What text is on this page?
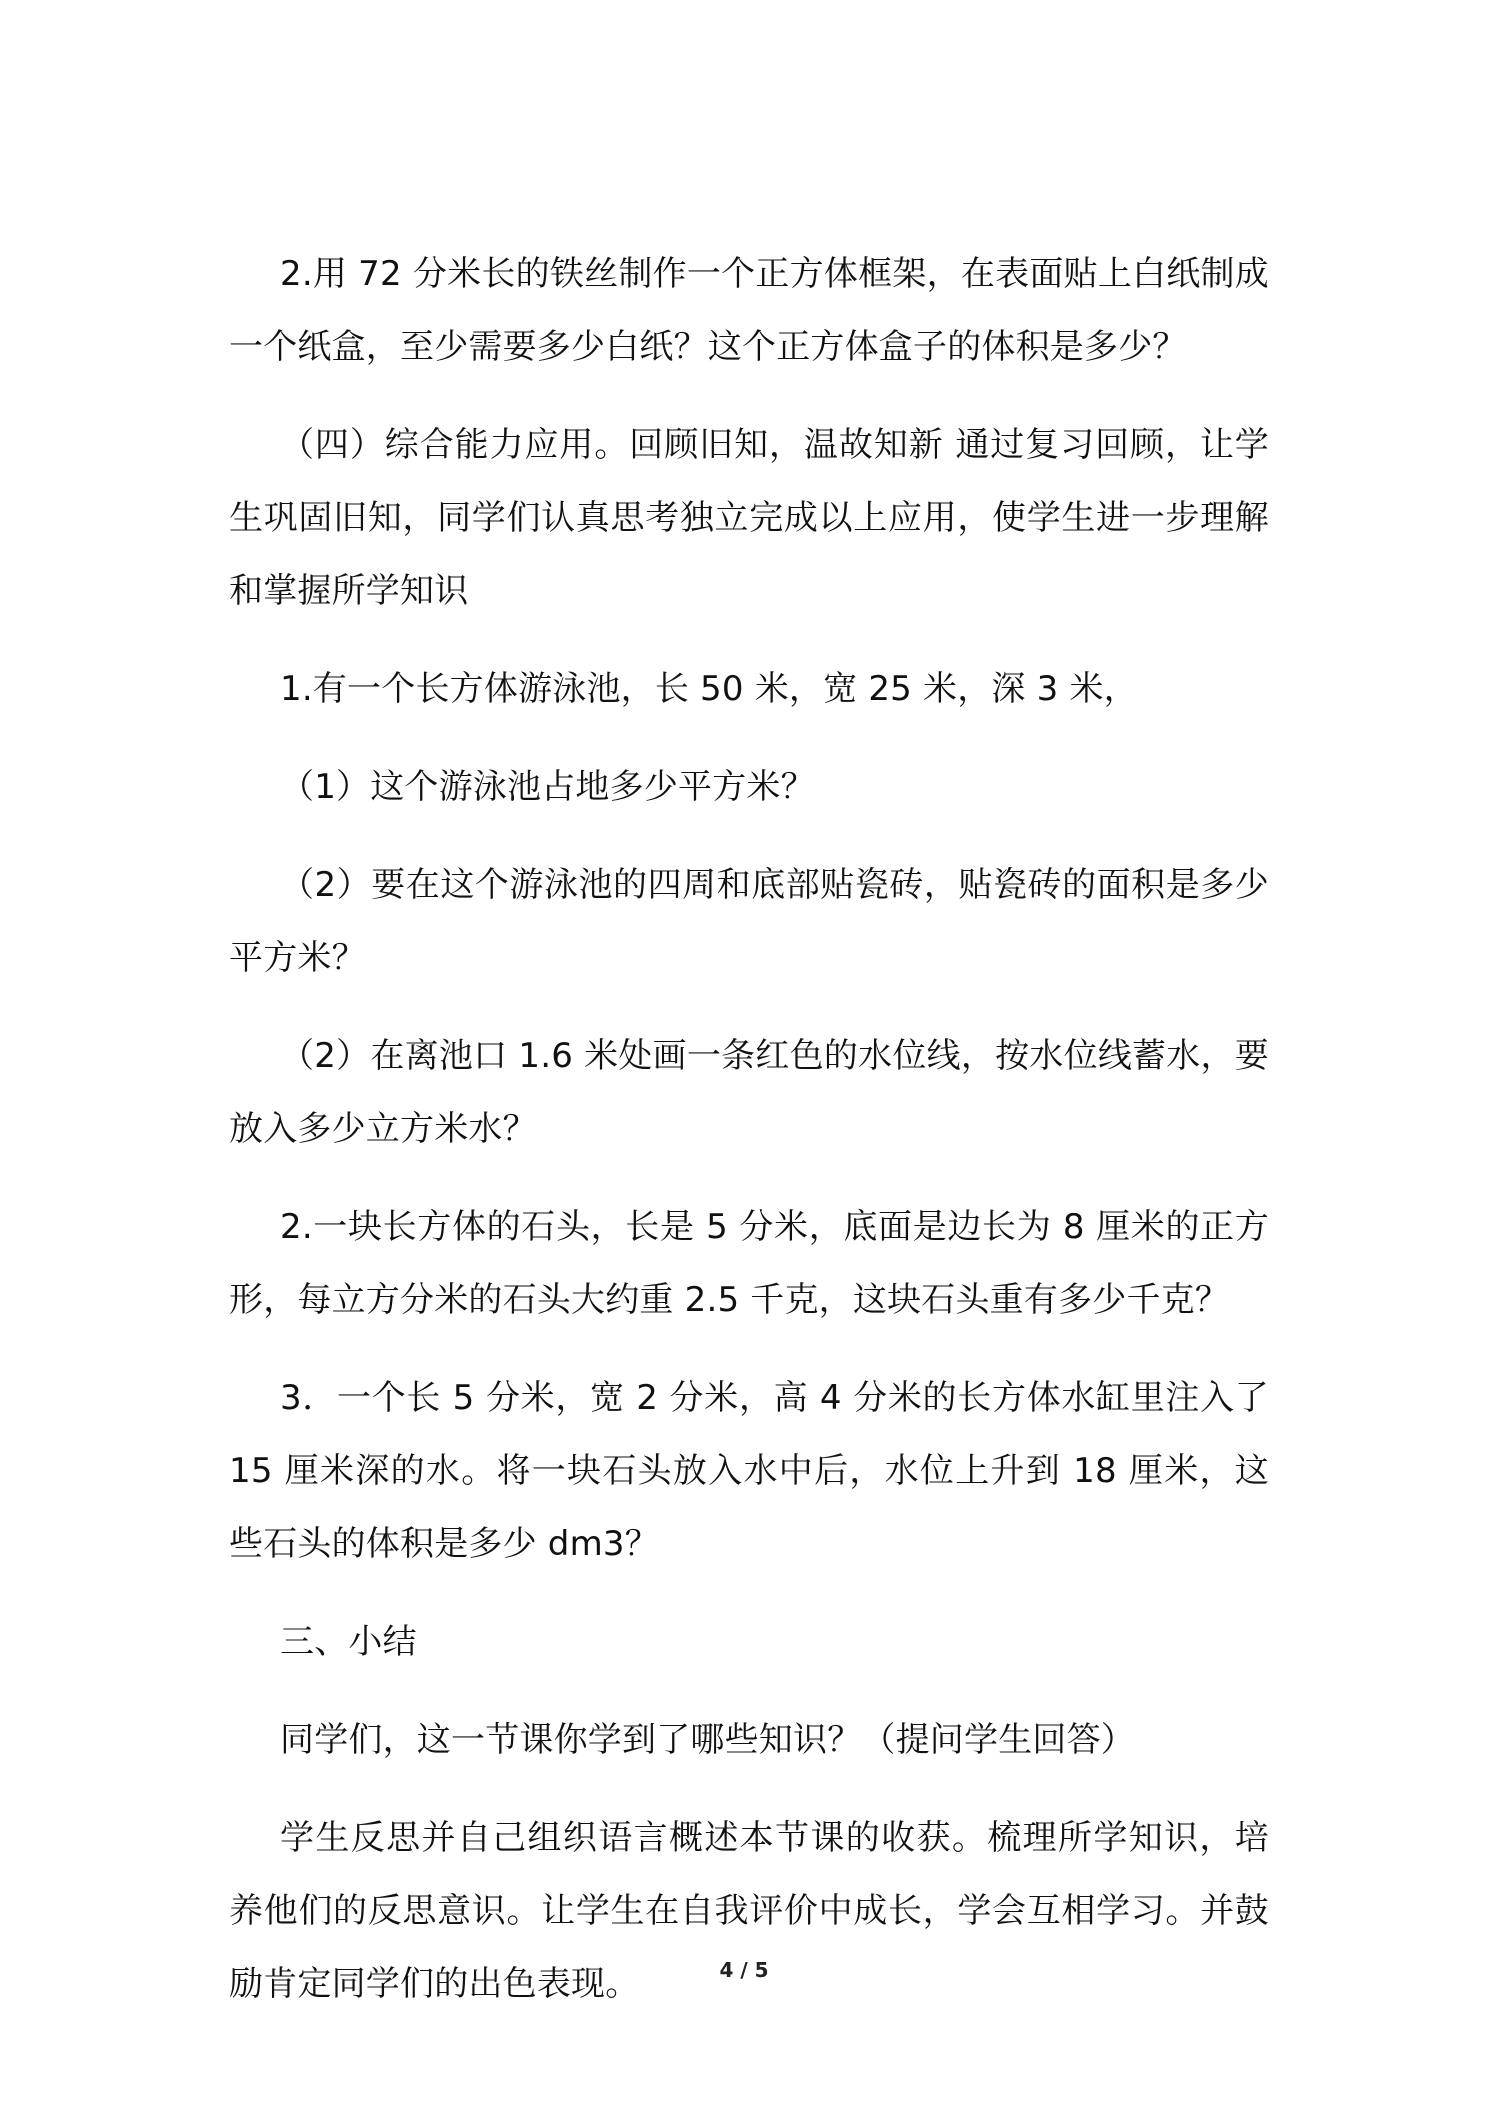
2.用 72 分米长的铁丝制作一个正方体框架，在表面贴上白纸制成一个纸盒，至少需要多少白纸？这个正方体盒子的体积是多少？

（四）综合能力应用。回顾旧知，温故知新 通过复习回顾，让学生巩固旧知，同学们认真思考独立完成以上应用，使学生进一步理解和掌握所学知识

1.有一个长方体游泳池，长 50 米，宽 25 米，深 3 米，

（1）这个游泳池占地多少平方米？

（2）要在这个游泳池的四周和底部贴瓷砖，贴瓷砖的面积是多少平方米？

（2）在离池口 1.6 米处画一条红色的水位线，按水位线蓄水，要放入多少立方米水？

2.一块长方体的石头，长是 5 分米，底面是边长为 8 厘米的正方形，每立方分米的石头大约重 2.5 千克，这块石头重有多少千克？

3．一个长 5 分米，宽 2 分米，高 4 分米的长方体水缸里注入了15 厘米深的水。将一块石头放入水中后，水位上升到 18 厘米，这些石头的体积是多少 dm3？

三、小结

同学们，这一节课你学到了哪些知识？（提问学生回答）

学生反思并自己组织语言概述本节课的收获。梳理所学知识，培养他们的反思意识。让学生在自我评价中成长，学会互相学习。并鼓励肯定同学们的出色表现。	4 / 5
